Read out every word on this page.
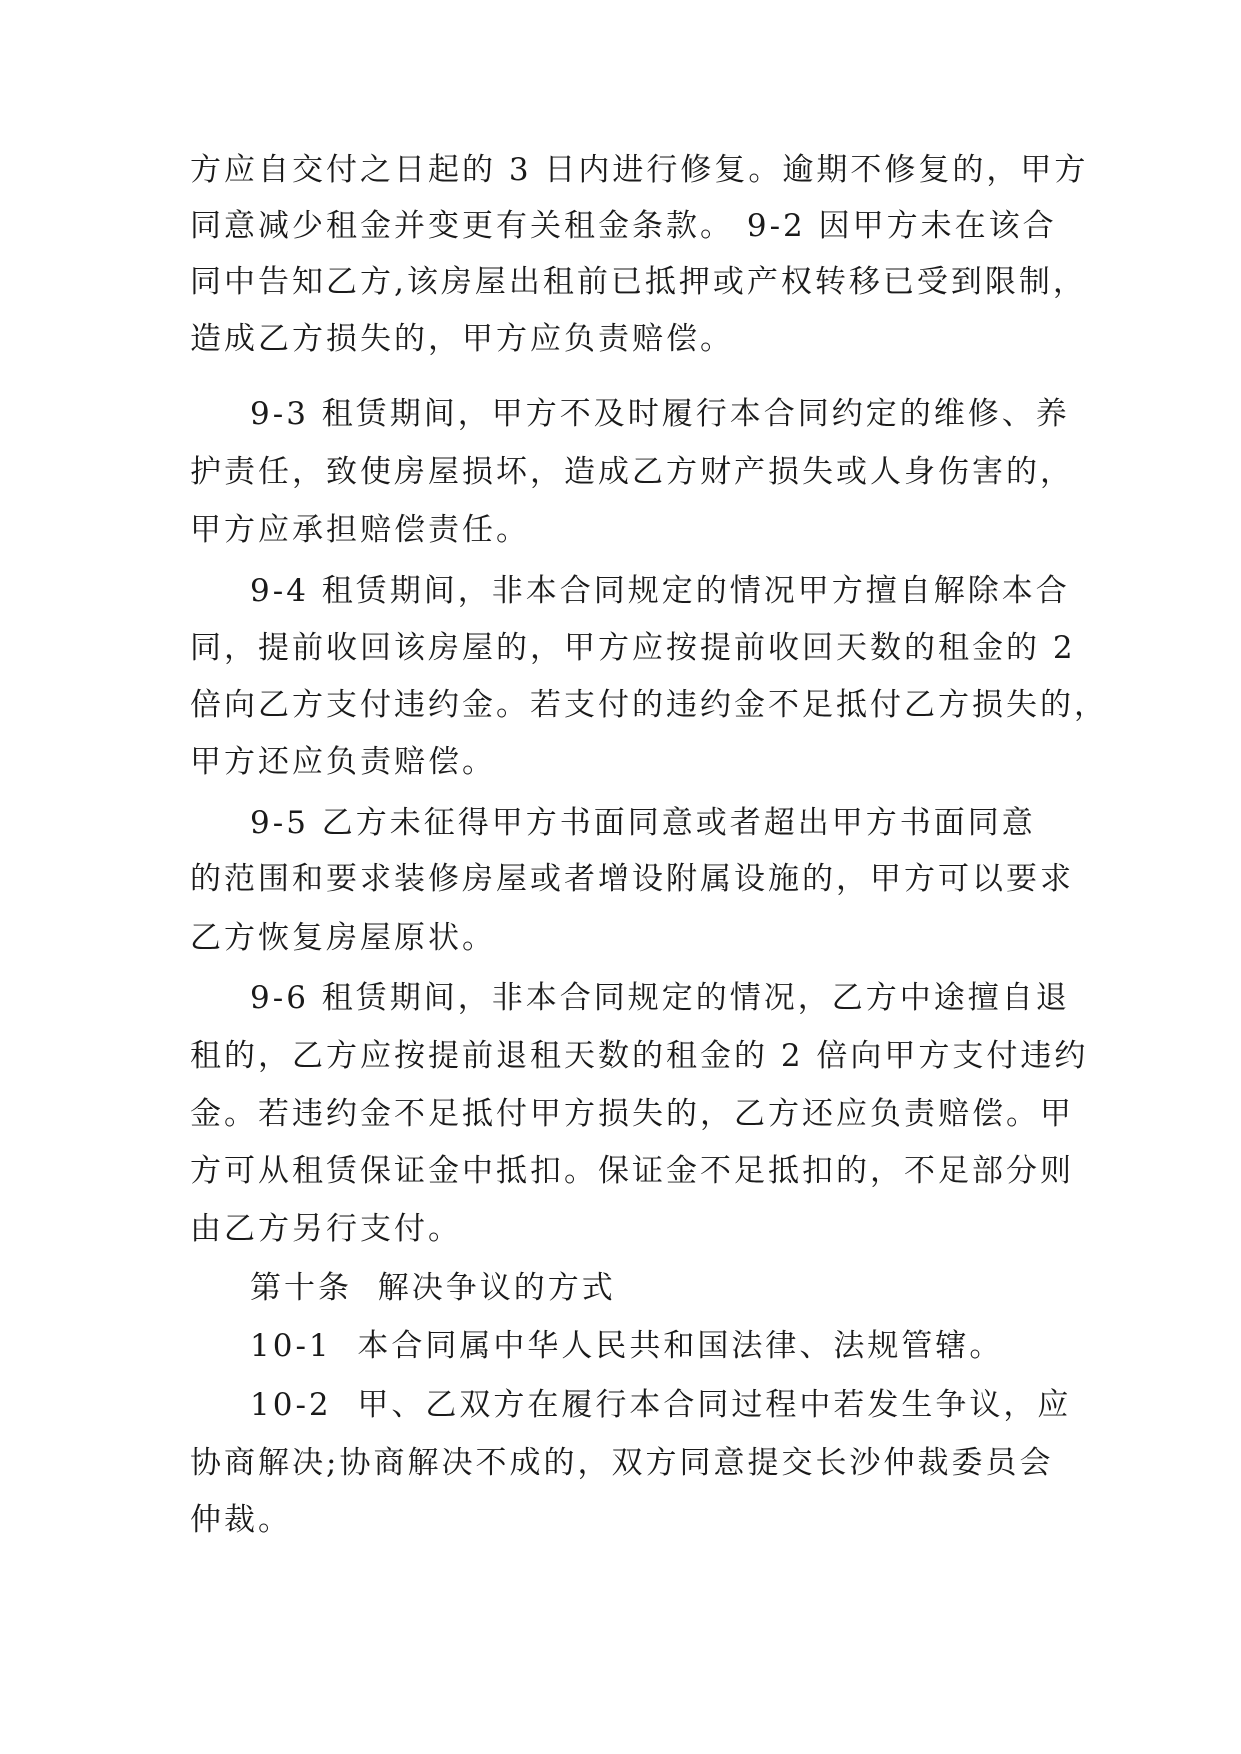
方应自交付之日起的 3 日内进行修复。逾期不修复的，甲方
同意减少租金并变更有关租金条款。 9-2 因甲方未在该合
同中告知乙方,该房屋出租前已抵押或产权转移已受到限制，
造成乙方损失的，甲方应负责赔偿。
9-3 租赁期间，甲方不及时履行本合同约定的维修、养
护责任，致使房屋损坏，造成乙方财产损失或人身伤害的，
甲方应承担赔偿责任。
9-4 租赁期间，非本合同规定的情况甲方擅自解除本合
同，提前收回该房屋的，甲方应按提前收回天数的租金的 2
倍向乙方支付违约金。若支付的违约金不足抵付乙方损失的，
甲方还应负责赔偿。
9-5 乙方未征得甲方书面同意或者超出甲方书面同意
的范围和要求装修房屋或者增设附属设施的，甲方可以要求
乙方恢复房屋原状。
9-6 租赁期间，非本合同规定的情况，乙方中途擅自退
租的，乙方应按提前退租天数的租金的 2 倍向甲方支付违约
金。若违约金不足抵付甲方损失的，乙方还应负责赔偿。甲
方可从租赁保证金中抵扣。保证金不足抵扣的，不足部分则
由乙方另行支付。
第十条  解决争议的方式
10-1  本合同属中华人民共和国法律、法规管辖。
10-2  甲、乙双方在履行本合同过程中若发生争议，应
协商解决;协商解决不成的，双方同意提交长沙仲裁委员会
仲裁。
